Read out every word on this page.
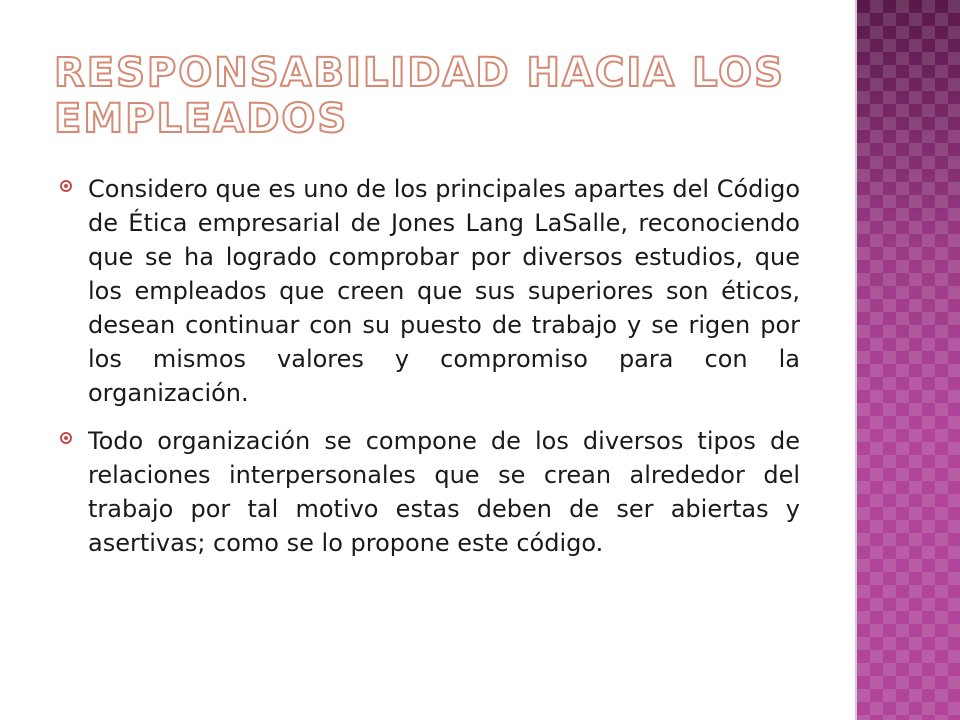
RESPONSABILIDAD HACIA LOS EMPLEADOS

Considero que es uno de los principales apartes del Código de Ética empresarial de Jones Lang LaSalle, reconociendo que se ha logrado comprobar por diversos estudios, que los empleados que creen que sus superiores son éticos, desean continuar con su puesto de trabajo y se rigen por los mismos valores y compromiso para con la organización.

Todo organización se compone de los diversos tipos de relaciones interpersonales que se crean alrededor del trabajo por tal motivo estas deben de ser abiertas y asertivas; como se lo propone este código.
